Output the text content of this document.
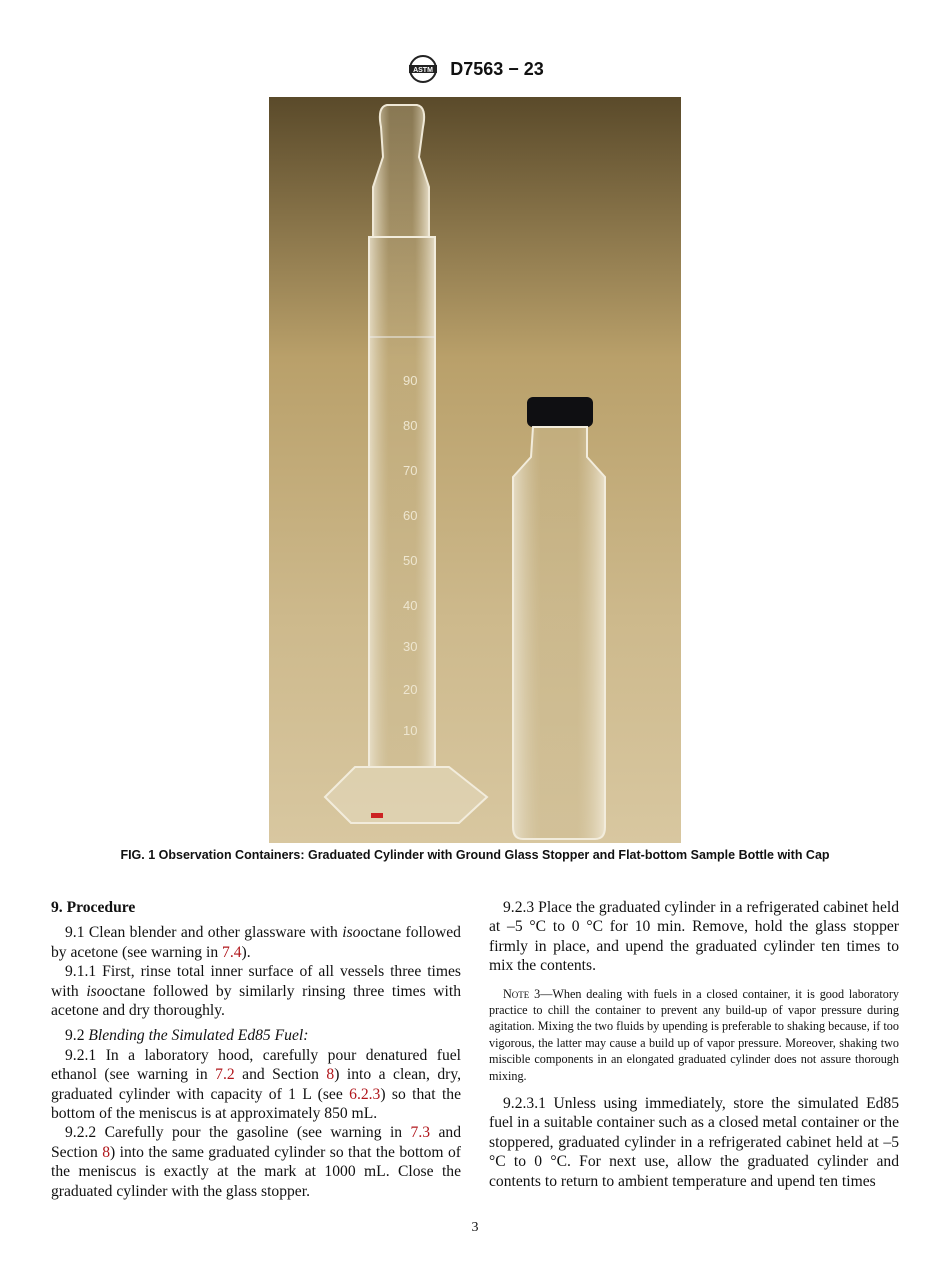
ASTM D7563 − 23
90
80
70
60
50
40
30
20
10
FIG. 1 Observation Containers: Graduated Cylinder with Ground Glass Stopper and Flat-bottom Sample Bottle with Cap
9. Procedure

9.1 Clean blender and other glassware with isooctane followed by acetone (see warning in 7.4).

9.1.1 First, rinse total inner surface of all vessels three times with isooctane followed by similarly rinsing three times with acetone and dry thoroughly.

9.2 Blending the Simulated Ed85 Fuel:

9.2.1 In a laboratory hood, carefully pour denatured fuel ethanol (see warning in 7.2 and Section 8) into a clean, dry, graduated cylinder with capacity of 1 L (see 6.2.3) so that the bottom of the meniscus is at approximately 850 mL.

9.2.2 Carefully pour the gasoline (see warning in 7.3 and Section 8) into the same graduated cylinder so that the bottom of the meniscus is exactly at the mark at 1000 mL. Close the graduated cylinder with the glass stopper.

9.2.3 Place the graduated cylinder in a refrigerated cabinet held at –5 °C to 0 °C for 10 min. Remove, hold the glass stopper firmly in place, and upend the graduated cylinder ten times to mix the contents.

Note 3—When dealing with fuels in a closed container, it is good laboratory practice to chill the container to prevent any build-up of vapor pressure during agitation. Mixing the two fluids by upending is preferable to shaking because, if too vigorous, the latter may cause a build up of vapor pressure. Moreover, shaking two miscible components in an elongated graduated cylinder does not assure thorough mixing.

9.2.3.1 Unless using immediately, store the simulated Ed85 fuel in a suitable container such as a closed metal container or the stoppered, graduated cylinder in a refrigerated cabinet held at –5 °C to 0 °C. For next use, allow the graduated cylinder and contents to return to ambient temperature and upend ten times

3
